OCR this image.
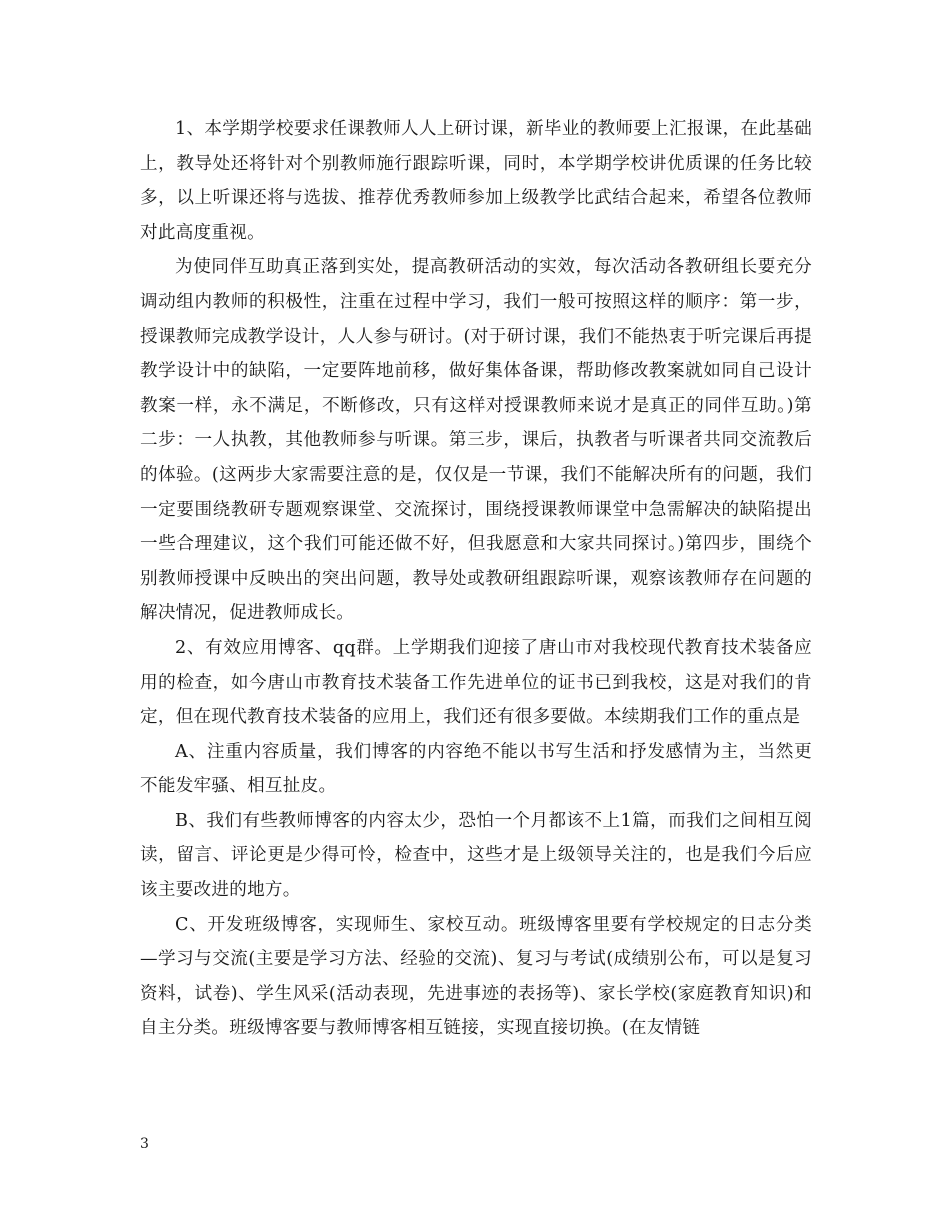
1、本学期学校要求任课教师人人上研讨课，新毕业的教师要上汇报课，在此基础上，教导处还将针对个别教师施行跟踪听课，同时，本学期学校讲优质课的任务比较多，以上听课还将与选拔、推荐优秀教师参加上级教学比武结合起来，希望各位教师对此高度重视。

为使同伴互助真正落到实处，提高教研活动的实效，每次活动各教研组长要充分调动组内教师的积极性，注重在过程中学习，我们一般可按照这样的顺序：第一步，授课教师完成教学设计，人人参与研讨。(对于研讨课，我们不能热衷于听完课后再提教学设计中的缺陷，一定要阵地前移，做好集体备课，帮助修改教案就如同自己设计教案一样，永不满足，不断修改，只有这样对授课教师来说才是真正的同伴互助。)第二步：一人执教，其他教师参与听课。第三步，课后，执教者与听课者共同交流教后的体验。(这两步大家需要注意的是，仅仅是一节课，我们不能解决所有的问题，我们一定要围绕教研专题观察课堂、交流探讨，围绕授课教师课堂中急需解决的缺陷提出一些合理建议，这个我们可能还做不好，但我愿意和大家共同探讨。)第四步，围绕个别教师授课中反映出的突出问题，教导处或教研组跟踪听课，观察该教师存在问题的解决情况，促进教师成长。

2、有效应用博客、qq群。上学期我们迎接了唐山市对我校现代教育技术装备应用的检查，如今唐山市教育技术装备工作先进单位的证书已到我校，这是对我们的肯定，但在现代教育技术装备的应用上，我们还有很多要做。本续期我们工作的重点是

A、注重内容质量，我们博客的内容绝不能以书写生活和抒发感情为主，当然更不能发牢骚、相互扯皮。

B、我们有些教师博客的内容太少，恐怕一个月都该不上1篇，而我们之间相互阅读，留言、评论更是少得可怜，检查中，这些才是上级领导关注的，也是我们今后应该主要改进的地方。

C、开发班级博客，实现师生、家校互动。班级博客里要有学校规定的日志分类—学习与交流(主要是学习方法、经验的交流)、复习与考试(成绩别公布，可以是复习资料，试卷)、学生风采(活动表现，先进事迹的表扬等)、家长学校(家庭教育知识)和自主分类。班级博客要与教师博客相互链接，实现直接切换。(在友情链

3
